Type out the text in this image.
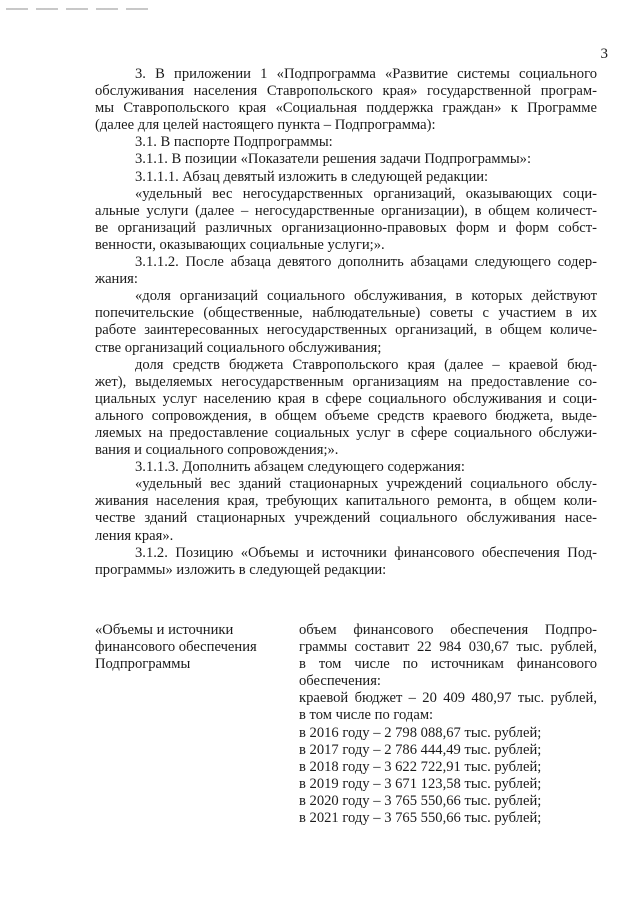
3

3. В приложении 1 «Подпрограмма «Развитие системы социального

обслуживания населения Ставропольского края» государственной програм-

мы Ставропольского края «Социальная поддержка граждан» к Программе

(далее для целей настоящего пункта – Подпрограмма):

3.1. В паспорте Подпрограммы:

3.1.1. В позиции «Показатели решения задачи Подпрограммы»:

3.1.1.1. Абзац девятый изложить в следующей редакции:

«удельный вес негосударственных организаций, оказывающих соци-

альные услуги (далее – негосударственные организации), в общем количест-

ве организаций различных организационно-правовых форм и форм собст-

венности, оказывающих социальные услуги;».

3.1.1.2. После абзаца девятого дополнить абзацами следующего содер-

жания:

«доля организаций социального обслуживания, в которых действуют

попечительские (общественные, наблюдательные) советы с участием в их

работе заинтересованных негосударственных организаций, в общем количе-

стве организаций социального обслуживания;

доля средств бюджета Ставропольского края (далее – краевой бюд-

жет), выделяемых негосударственным организациям на предоставление со-

циальных услуг населению края в сфере социального обслуживания и соци-

ального сопровождения, в общем объеме средств краевого бюджета, выде-

ляемых на предоставление социальных услуг в сфере социального обслужи-

вания и социального сопровождения;».

3.1.1.3. Дополнить абзацем следующего содержания:

«удельный вес зданий стационарных учреждений социального обслу-

живания населения края, требующих капитального ремонта, в общем коли-

честве зданий стационарных учреждений социального обслуживания насе-

ления края».

3.1.2. Позицию «Объемы и источники финансового обеспечения Под-

программы» изложить в следующей редакции:

«Объемы и источники
финансового обеспечения
Подпрограммы

объем финансового обеспечения Подпро-

граммы составит 22 984 030,67 тыс. рублей,

в том числе по источникам финансового

обеспечения:

краевой бюджет – 20 409 480,97 тыс. рублей,

в том числе по годам:

в 2016 году – 2 798 088,67 тыс. рублей;

в 2017 году – 2 786 444,49 тыс. рублей;

в 2018 году – 3 622 722,91 тыс. рублей;

в 2019 году – 3 671 123,58 тыс. рублей;

в 2020 году – 3 765 550,66 тыс. рублей;

в 2021 году – 3 765 550,66 тыс. рублей;
